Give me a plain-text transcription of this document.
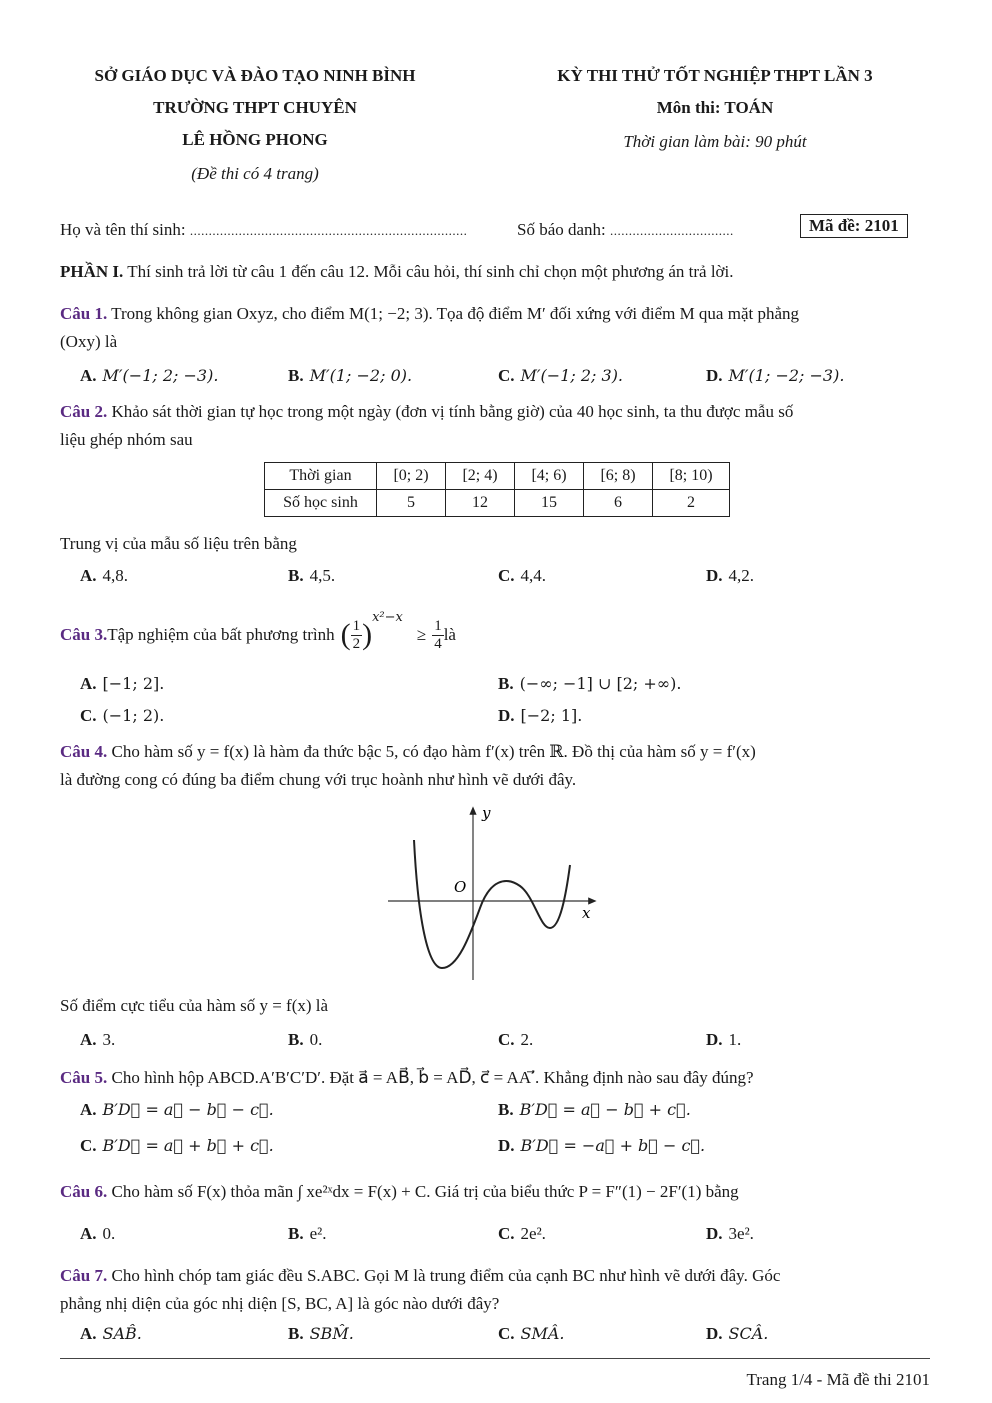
SỞ GIÁO DỤC VÀ ĐÀO TẠO NINH BÌNH
TRƯỜNG THPT CHUYÊN
LÊ HỒNG PHONG
(Đề thi có 4 trang)
KỲ THI THỬ TỐT NGHIỆP THPT LẦN 3
Môn thi: TOÁN
Thời gian làm bài: 90 phút
Họ và tên thí sinh: ..........................................................................	Số báo danh: .................................	Mã đề: 2101
PHẦN I. Thí sinh trả lời từ câu 1 đến câu 12. Mỗi câu hỏi, thí sinh chỉ chọn một phương án trả lời.
Câu 1. Trong không gian Oxyz, cho điểm M(1; −2; 3). Tọa độ điểm M′ đối xứng với điểm M qua mặt phẳng
(Oxy) là
A. M′(−1; 2; −3).	B. M′(1; −2; 0).	C. M′(−1; 2; 3).	D. M′(1; −2; −3).
Câu 2. Khảo sát thời gian tự học trong một ngày (đơn vị tính bằng giờ) của 40 học sinh, ta thu được mẫu số
liệu ghép nhóm sau
Thời gian	[0; 2)	[2; 4)	[4; 6)	[6; 8)	[8; 10)
Số học sinh	5	12	15	6	2
Trung vị của mẫu số liệu trên bằng
A. 4,8.	B. 4,5.	C. 4,4.	D. 4,2.
Câu 3. Tập nghiệm của bất phương trình ( $\frac{1}{2}$ )
x²−x
≥ $\frac{1}{4}$ là
A. [−1; 2].	B. (−∞; −1] ∪ [2; +∞).
C. (−1; 2).	D. [−2; 1].
Câu 4. Cho hàm số y = f(x) là hàm đa thức bậc 5, có đạo hàm f′(x) trên ℝ. Đồ thị của hàm số y = f′(x)
là đường cong có đúng ba điểm chung với trục hoành như hình vẽ dưới đây.
y
x
O
Số điểm cực tiểu của hàm số y = f(x) là
A. 3.	B. 0.	C. 2.	D. 1.
Câu 5. Cho hình hộp ABCD.A′B′C′D′. Đặt a⃗ = AB⃗, b⃗ = AD⃗, c⃗ = AA′⃗. Khẳng định nào sau đây đúng?
A. B′D⃗ = a⃗ − b⃗ − c⃗.	B. B′D⃗ = a⃗ − b⃗ + c⃗.
C. B′D⃗ = a⃗ + b⃗ + c⃗.	D. B′D⃗ = −a⃗ + b⃗ − c⃗.
Câu 6. Cho hàm số F(x) thỏa mãn ∫ xe²ˣdx = F(x) + C. Giá trị của biểu thức P = F″(1) − 2F′(1) bằng
A. 0.	B. e².	C. 2e².	D. 3e².
Câu 7. Cho hình chóp tam giác đều S.ABC. Gọi M là trung điểm của cạnh BC như hình vẽ dưới đây. Góc
phẳng nhị diện của góc nhị diện [S, BC, A] là góc nào dưới đây?
A. SAB̂.	B. SBM̂.	C. SMÂ.	D. SCÂ.
Trang 1/4 - Mã đề thi 2101
